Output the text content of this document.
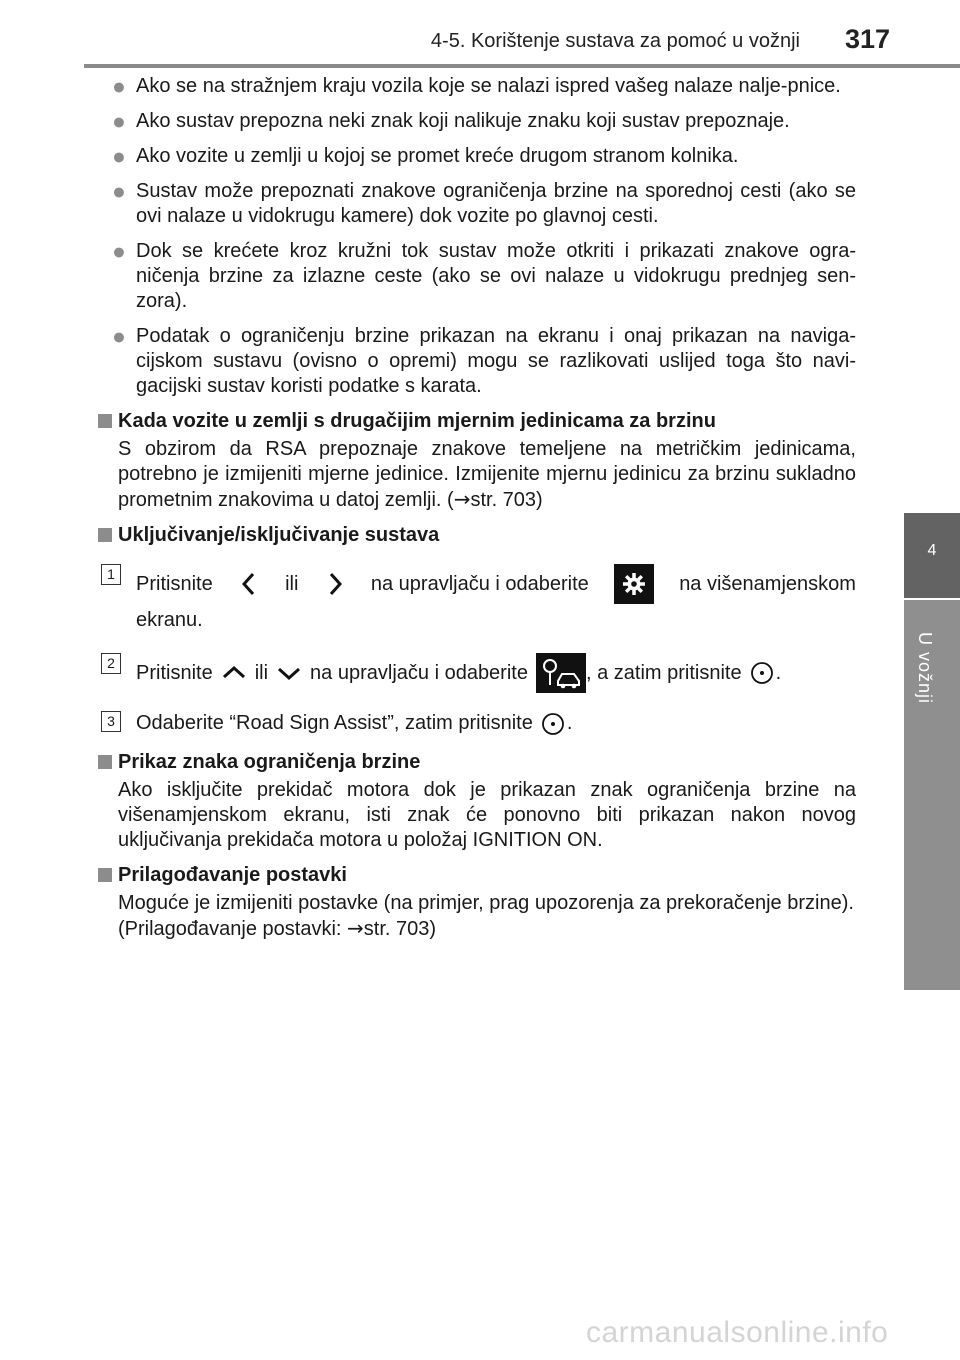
4-5. Korištenje sustava za pomoć u vožnji 317
4
U vožnji
● Ako se na stražnjem kraju vozila koje se nalazi ispred vašeg nalaze nalje-pnice.
● Ako sustav prepozna neki znak koji nalikuje znaku koji sustav prepoznaje.
● Ako vozite u zemlji u kojoj se promet kreće drugom stranom kolnika.
● Sustav može prepoznati znakove ograničenja brzine na sporednoj cesti (ako se ovi nalaze u vidokrugu kamere) dok vozite po glavnoj cesti.
● Dok se krećete kroz kružni tok sustav može otkriti i prikazati znakove ogra-ničenja brzine za izlazne ceste (ako se ovi nalaze u vidokrugu prednjeg sen-zora).
● Podatak o ograničenju brzine prikazan na ekranu i onaj prikazan na naviga-cijskom sustavu (ovisno o opremi) mogu se razlikovati uslijed toga što navi-gacijski sustav koristi podatke s karata.
Kada vozite u zemlji s drugačijim mjernim jedinicama za brzinu
S obzirom da RSA prepoznaje znakove temeljene na metričkim jedinicama, potrebno je izmijeniti mjerne jedinice. Izmijenite mjernu jedinicu za brzinu sukladno prometnim znakovima u datoj zemlji. (→str. 703)
Uključivanje/isključivanje sustava
1	Pritisnite	ili	na upravljaču i odaberite	na višenamjenskom
ekranu.
2	Pritisnite ili na upravljaču i odaberite	, a zatim pritisnite .
3	Odaberite “Road Sign Assist”, zatim pritisnite .
Prikaz znaka ograničenja brzine
Ako isključite prekidač motora dok je prikazan znak ograničenja brzine na višenamjenskom ekranu, isti znak će ponovno biti prikazan nakon novog uključivanja prekidača motora u položaj IGNITION ON.
Prilagođavanje postavki
Moguće je izmijeniti postavke (na primjer, prag upozorenja za prekoračenje brzine).
(Prilagođavanje postavki: →str. 703)
carmanualsonline.info
